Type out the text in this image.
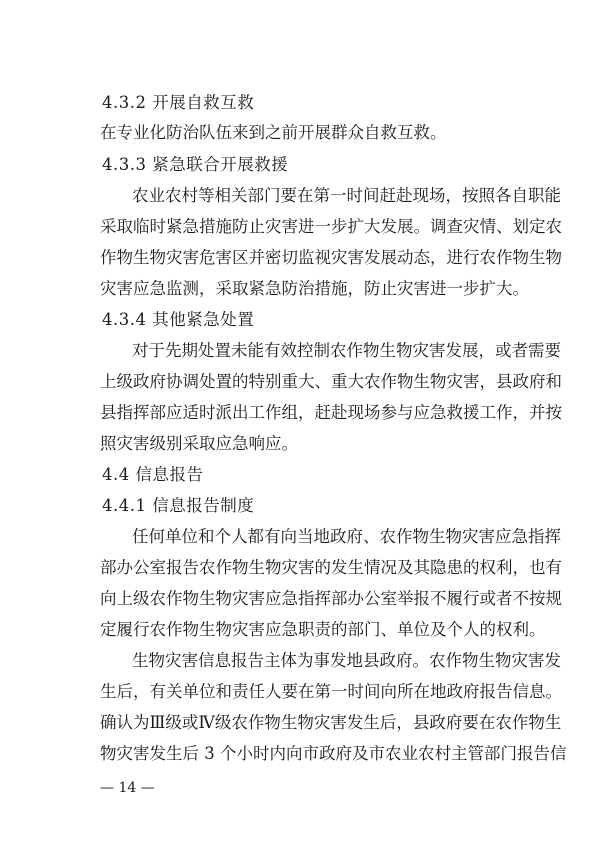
4.3.2 开展自救互救
在专业化防治队伍来到之前开展群众自救互救。
4.3.3 紧急联合开展救援
农业农村等相关部门要在第一时间赶赴现场，按照各自职能
采取临时紧急措施防止灾害进一步扩大发展。调查灾情、划定农
作物生物灾害危害区并密切监视灾害发展动态，进行农作物生物
灾害应急监测，采取紧急防治措施，防止灾害进一步扩大。
4.3.4 其他紧急处置
对于先期处置未能有效控制农作物生物灾害发展，或者需要
上级政府协调处置的特别重大、重大农作物生物灾害，县政府和
县指挥部应适时派出工作组，赶赴现场参与应急救援工作，并按
照灾害级别采取应急响应。
4.4 信息报告
4.4.1 信息报告制度
任何单位和个人都有向当地政府、农作物生物灾害应急指挥
部办公室报告农作物生物灾害的发生情况及其隐患的权利，也有
向上级农作物生物灾害应急指挥部办公室举报不履行或者不按规
定履行农作物生物灾害应急职责的部门、单位及个人的权利。
生物灾害信息报告主体为事发地县政府。农作物生物灾害发
生后，有关单位和责任人要在第一时间向所在地政府报告信息。
确认为Ⅲ级或Ⅳ级农作物生物灾害发生后，县政府要在农作物生
物灾害发生后 3 个小时内向市政府及市农业农村主管部门报告信
— 14 —
